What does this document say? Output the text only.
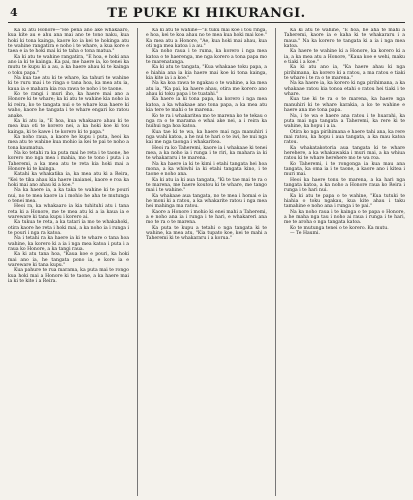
4	TE PUKE KI HIKURANGI.

Ka ki atu Honore—"He pena ano ake whakaaro, kua kite au e ahu ana mai ano te tono naku, kua hoki ki tona kainga, kaore ko ia kei te hokinga atu te wahine rangatira e noho i te whare, a kua kore e taea e ia te hoki mai ki te taha o tona matua."

Ka ki atu te wahine rangatira, "E hoa, e hoki ana ano ia ki te kainga. Ka pai, me haere ia, ko tenei ka mutu te kupu ki a au, a ka haere ahau ki te kainga o toku papa."

Na kua tae atu ki te whare, ka tahuri te wahine ki te ruru mai i te ringa o tana hoa, ka mea atu ia, kaua ia e mahara kia roa rawa te noho i te taone.

Ko te rangi i muri iho, ka haere mai ano a Honore ki te whare; ka ki atu te wahine kia noho ia ki reira, ko te tangata nui o te whare kua haere ki waho, kaore he tangata i te whare engari ko ratou anake.

Ka ki atu ia, "E hoa, kua whakaaro ahau ki te mea kua oti te korero nei, a ka hoki koe ki tou kainga, ki te kawe i te korero ki to papa."

Ka noho raua, a kaore he kupu i puta, heoi ka mea atu te wahine kua mohio ia kei te pai te noho a tona kaumatua.

Na ko tetahi ra ka puta mai he reta i te taone, he korero mo nga mea i mahia, mo te tono i puta i a Taheremi, a ka mea atu te reta kia hoki mai a Honore ki te kainga.

Katahi ka whakatika ia, ka mea atu ki a Reira, "Kei te tika ahau kia haere inaianei, kaore e roa ka hoki mai ano ahau ki a koe."

Na ka haere ia, a ka taka te wahine ki te pouri nui, no te mea kaore ia i mohio he aha te mutunga o tenei mea.

Heoi ra, ka whakaaro ia kia tuhituhi atu i tana reta ki a Honore, me te mea atu ki a ia kaua ia e wareware ki tana kupu i korero ai.

Ka tukua te reta, a ka tatari ia mo te whakahoki, otira kaore he reta i hoki mai, a ka noho ia i runga i te pouri i nga ra katoa.

Na i tetahi ra ka haere ia ki te whare o tana hoa wahine, ka korero ki a ia i nga mea katoa i puta i a raua ko Honore, a ka tangi raua.

Ka ki atu tana hoa, "Kaua koe e pouri, ka hoki mai ano ia, he tangata pono ia, e kore ia e wareware ki tana kupu."

Kua pahure te rua marama, ka puta mai te rongo kua hoki mai a Honore ki te taone, a ka haere mai ia ki te kite i a Reira.

Ka ki atu te wahine—"E tuku mai koe i tou ringa, e hoa, kei te koa ahau no te mea kua hoki mai koe." Ka mea atu a Honore, "Ae, kua hoki mai ahau, kua oti nga mea katoa i a au."

Ka noho raua i te ruma, ka korero i nga mea katoa o te haerenga, me nga korero a tona papa mo te marenatanga.

Ka ki atu te tangata, "Kua whakaae toku papa, a e hiahia ana ia kia haere mai koe ki tona kainga, kia kite ia i a koe."

Na ka koa rawa te ngakau o te wahine, a ka mea atu ia, "Ka pai, ka haere ahau, otira me korero ano ahau ki toku papa i te tuatahi."

Ka haere ia ki tona papa, ka korero i nga mea katoa, a ka whakaae ano tona papa, a ka mea atu kia tere te mahi o te marena.

Ko te ra i whakaritea mo te marena ko te tekau o nga ra o te marama e whai ake nei, a i reira ka huihui nga hoa katoa.

Kua tae ki te wa, ka haere mai nga manuhiri i nga wahi katoa, a he nui te hari o te iwi, he nui nga kai me nga taonga i whakaritea.

Heoi ra ko Taheremi, kaore ia i whakaae ki tenei mea, a ka noho ia i runga i te riri, ka mahara ia ki te whakararu i te marena.

Na ka haere ia ki te kimi i etahi tangata hei hoa mona, a ka whiwhi ia ki etahi tangata kino, i te taone e noho ana.

Ka ki atu ia ki aua tangata, "Ki te tae mai te ra o te marena, me haere koutou ki te whare, me tango mai i te wahine."

Ka whakaae aua tangata, no te mea i homai e ia he moni ki a ratou, a ka whakarite ratou i nga mea hei mahinga ma ratou.

Kaore a Honore i mohio ki enei mahi a Taheremi, a e noho ana ia i runga i te hari, e whakareri ana mo te ra o te marena.

Ka puta te kupu a tetahi o nga tangata ki te wahine, ka mea atu, "Kia tupato koe, kei te mahi a Taheremi ki te whakararu i a korua."

Ka ki atu te wahine, "E hoa, he aha te mahi a Taheremi, kaore ia e kaha ki te whakararu i a maua." Na ka korero te tangata ki a ia i nga mea katoa.

Ka haere te wahine ki a Honore, ka korero ki a ia, a ka mea atu a Honore, "Kaua koe e wehi, maku e tiaki i a koe."

Ka ki atu ano ia, "Ka haere ahau ki nga pirihimana, ka korero ki a ratou, a ma ratou e tiaki te whare i te ra o te marena."

Na ka haere ia, ka korero ki nga pirihimana, a ka whakaae ratou kia tonoa etahi o ratou hei tiaki i te whare.

Kua tae ki te ra o te marena, ka haere nga manuhiri ki te whare karakia, a ko te wahine e haere ana me tona papa.

Na, i te wa e haere ana ratou i te huarahi, ka puta mai nga tangata a Taheremi, ka rere ki te wahine, ka hopu i a ia.

Otira ko nga pirihimana e haere tahi ana, ka rere mai ratou, ka hopu i aua tangata, a ka mau katoa ratou.

Ka whakatakotoria aua tangata ki te whare herehere, a ka whakawakia i muri mai, a ka whiua ratou ki te whare herehere mo te wa roa.

Ko Taheremi, i te rongonga ia kua mau ana tangata, ka oma ia i te taone, a kaore ano i kitea i muri mai.

Heoi ka haere tonu te marena, a ka hari nga tangata katoa, a ka noho a Honore raua ko Reira i runga i te hari nui.

Ka ki atu te papa o te wahine, "Kua tutuki te hiahia o toku ngakau, kua kite ahau i taku tamahine e noho ana i runga i te pai."

Na ka noho raua i te kainga o te papa o Honore, a he maha nga tau i noho ai raua i runga i te hari, me te aroha o nga tangata katoa.

Ko te mutunga tenei o te korero. Ka mutu.

— Te Haumi.
